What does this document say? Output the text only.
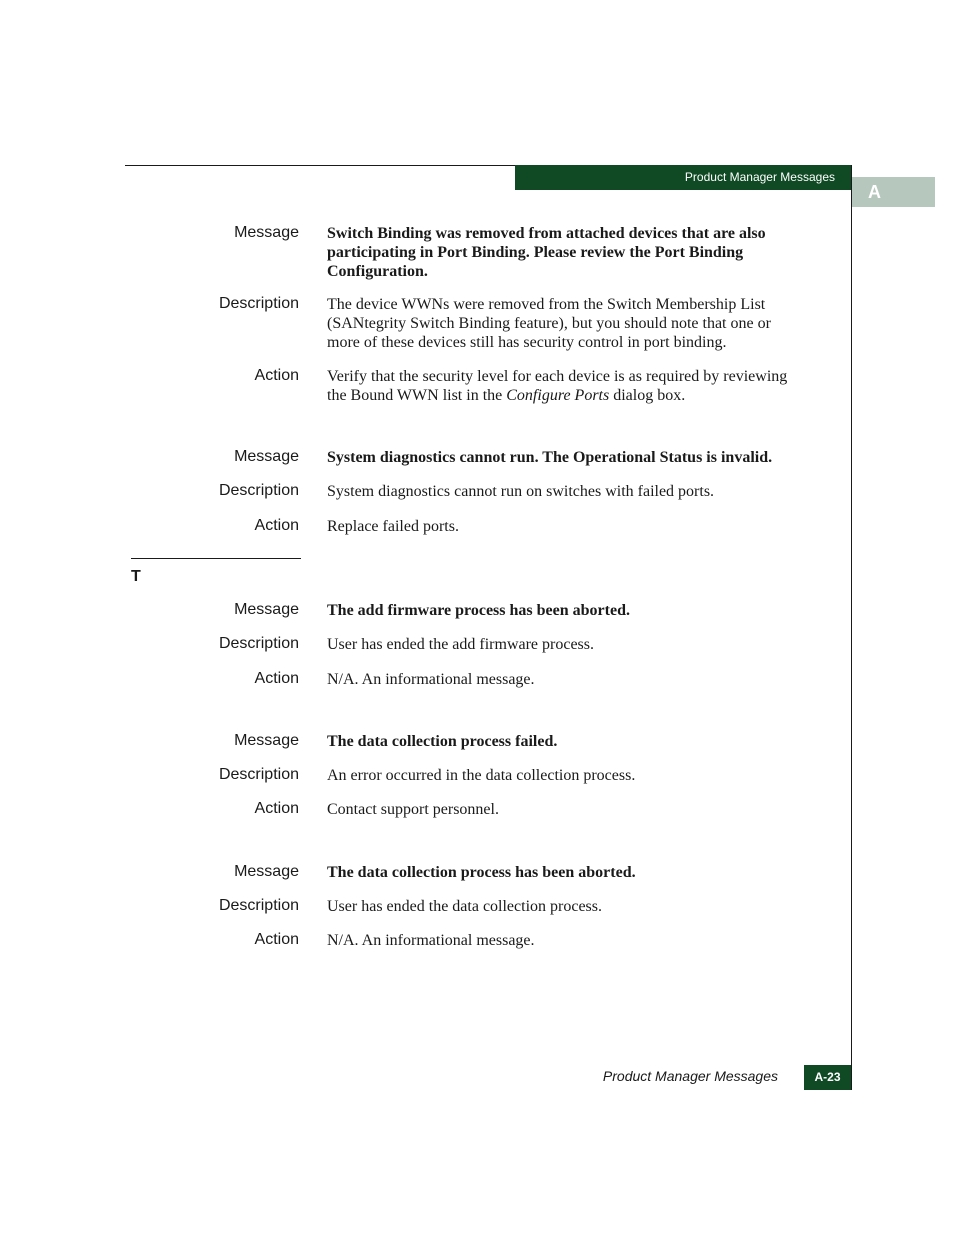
Product Manager Messages
A
Message Switch Binding was removed from attached devices that are also participating in Port Binding. Please review the Port Binding Configuration.
Description The device WWNs were removed from the Switch Membership List (SANtegrity Switch Binding feature), but you should note that one or more of these devices still has security control in port binding.
Action Verify that the security level for each device is as required by reviewing the Bound WWN list in the Configure Ports dialog box.
Message System diagnostics cannot run. The Operational Status is invalid.
Description System diagnostics cannot run on switches with failed ports.
Action Replace failed ports.
T
Message The add firmware process has been aborted.
Description User has ended the add firmware process.
Action N/A. An informational message.
Message The data collection process failed.
Description An error occurred in the data collection process.
Action Contact support personnel.
Message The data collection process has been aborted.
Description User has ended the data collection process.
Action N/A. An informational message.
Product Manager Messages	A-23
